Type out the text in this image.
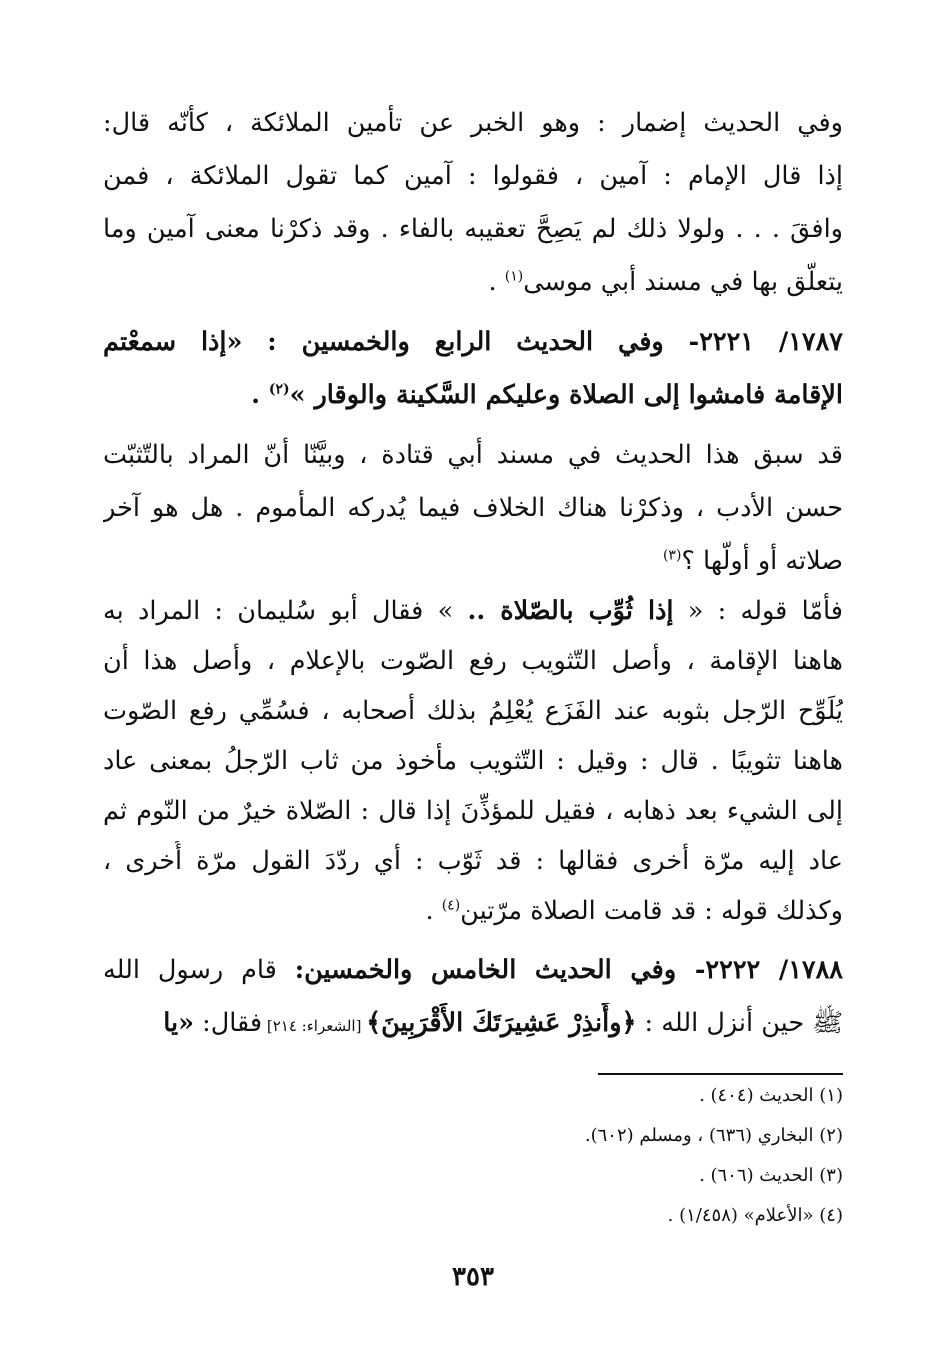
وفي الحديث إضمار : وهو الخبر عن تأمين الملائكة ، كأنّه قال:
إذا قال الإمام : آمين ، فقولوا : آمين كما تقول الملائكة ، فمن
وافقَ . . . ولولا ذلك لم يَصِحَّ تعقيبه بالفاء . وقد ذكرْنا معنى آمين وما
يتعلّق بها في مسند أبي موسى$^{(١)}$ .
١٧٨٧/ ٢٢٢١- وفي الحديث الرابع والخمسين : «إذا سمعْتم
الإقامة فامشوا إلى الصلاة وعليكم السَّكينة والوقار »$^{(٢)}$ .
قد سبق هذا الحديث في مسند أبي قتادة ، وبيَّنّا أنّ المراد بالتّثبّت
حسن الأدب ، وذكرْنا هناك الخلاف فيما يُدركه المأموم . هل هو آخر
صلاته أو أولّها ؟$^{(٣)}$
فأمّا قوله : « إذا ثُوِّب بالصّلاة .. » فقال أبو سُليمان : المراد به
هاهنا الإقامة ، وأصل التّثويب رفع الصّوت بالإعلام ، وأصل هذا أن
يُلَوِّح الرّجل بثوبه عند الفَزَع يُعْلِمُ بذلك أصحابه ، فسُمِّي رفع الصّوت
هاهنا تثويبًا . قال : وقيل : التّثويب مأخوذ من ثاب الرّجلُ بمعنى عاد
إلى الشيء بعد ذهابه ، فقيل للمؤذِّنَ إذا قال : الصّلاة خيرٌ من النّوم ثم
عاد إليه مرّة أخرى فقالها : قد ثَوّب : أي ردّدَ القول مرّة أُخرى ،
وكذلك قوله : قد قامت الصلاة مرّتين$^{(٤)}$ .
١٧٨٨/ ٢٢٢٢- وفي الحديث الخامس والخمسين: قام رسول الله
ﷺ حين أنزل الله : ﴿وأَنذِرْ عَشِيرَتَكَ الأَقْرَبِينَ﴾ [الشعراء: ٢١٤] فقال: «يا
(١) الحديث (٤٠٤) .
(٢) البخاري (٦٣٦) ، ومسلم (٦٠٢).
(٣) الحديث (٦٠٦) .
(٤) «الأعلام» (١/٤٥٨) .
٣٥٣
